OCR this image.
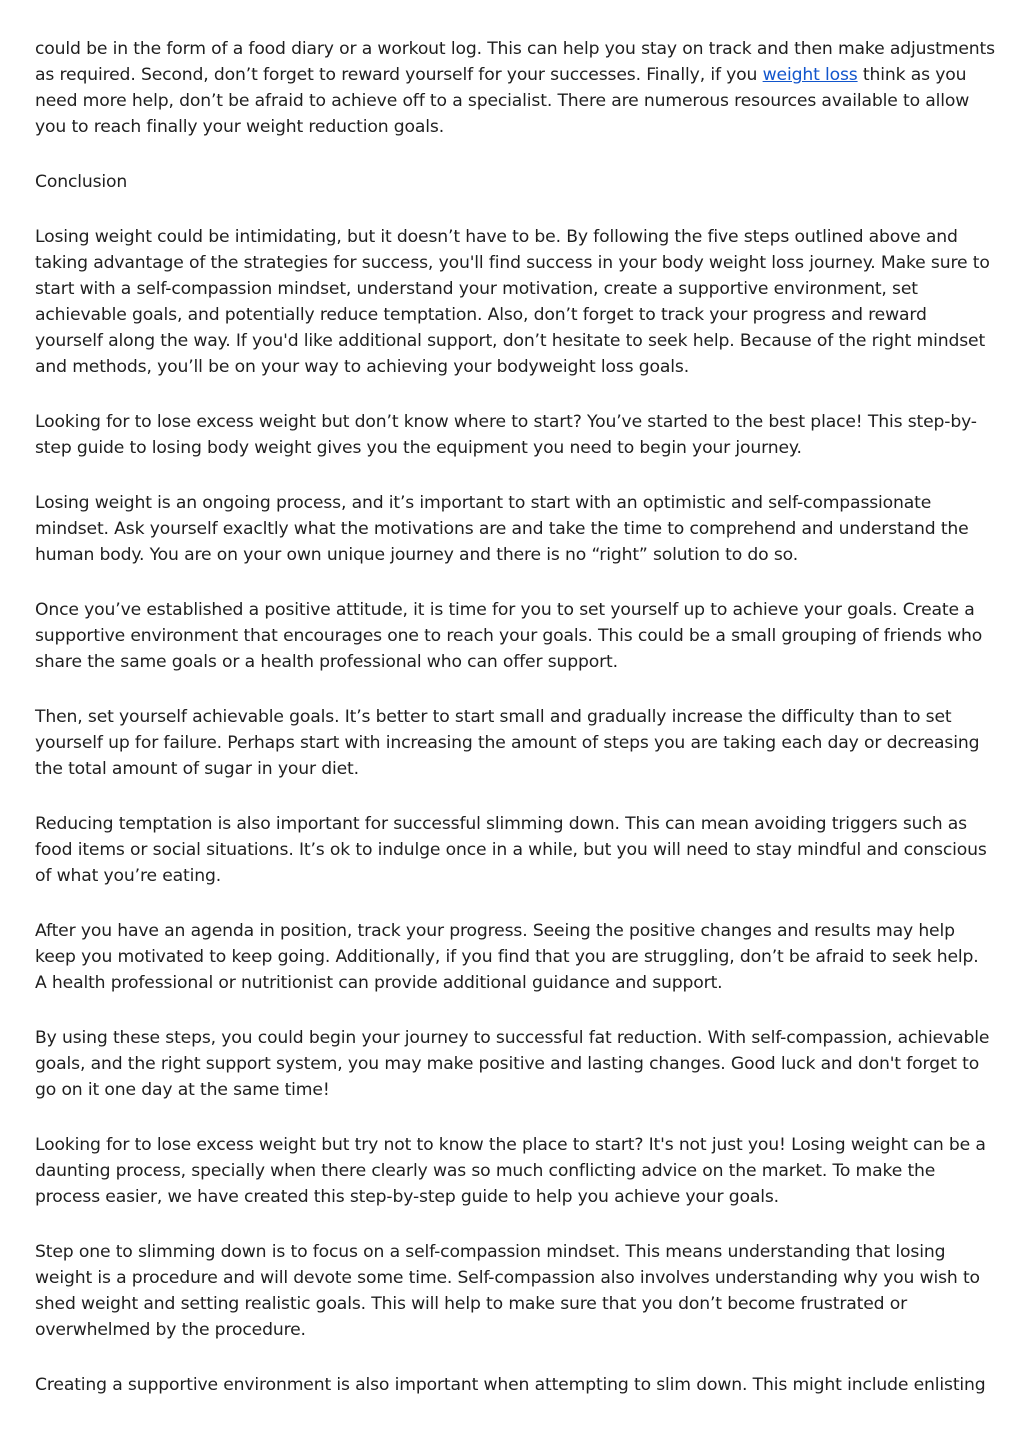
could be in the form of a food diary or a workout log. This can help you stay on track and then make adjustments as required. Second, don’t forget to reward yourself for your successes. Finally, if you weight loss think as you need more help, don’t be afraid to achieve off to a specialist. There are numerous resources available to allow you to reach finally your weight reduction goals.

Conclusion

Losing weight could be intimidating, but it doesn’t have to be. By following the five steps outlined above and taking advantage of the strategies for success, you'll find success in your body weight loss journey. Make sure to start with a self-compassion mindset, understand your motivation, create a supportive environment, set achievable goals, and potentially reduce temptation. Also, don’t forget to track your progress and reward yourself along the way. If you'd like additional support, don’t hesitate to seek help. Because of the right mindset and methods, you’ll be on your way to achieving your bodyweight loss goals.

Looking for to lose excess weight but don’t know where to start? You’ve started to the best place! This step-by-step guide to losing body weight gives you the equipment you need to begin your journey.

Losing weight is an ongoing process, and it’s important to start with an optimistic and self-compassionate mindset. Ask yourself exacltly what the motivations are and take the time to comprehend and understand the human body. You are on your own unique journey and there is no “right” solution to do so.

Once you’ve established a positive attitude, it is time for you to set yourself up to achieve your goals. Create a supportive environment that encourages one to reach your goals. This could be a small grouping of friends who share the same goals or a health professional who can offer support.

Then, set yourself achievable goals. It’s better to start small and gradually increase the difficulty than to set yourself up for failure. Perhaps start with increasing the amount of steps you are taking each day or decreasing the total amount of sugar in your diet.

Reducing temptation is also important for successful slimming down. This can mean avoiding triggers such as food items or social situations. It’s ok to indulge once in a while, but you will need to stay mindful and conscious of what you’re eating.

After you have an agenda in position, track your progress. Seeing the positive changes and results may help keep you motivated to keep going. Additionally, if you find that you are struggling, don’t be afraid to seek help. A health professional or nutritionist can provide additional guidance and support.

By using these steps, you could begin your journey to successful fat reduction. With self-compassion, achievable goals, and the right support system, you may make positive and lasting changes. Good luck and don't forget to go on it one day at the same time!

Looking for to lose excess weight but try not to know the place to start? It's not just you! Losing weight can be a daunting process, specially when there clearly was so much conflicting advice on the market. To make the process easier, we have created this step-by-step guide to help you achieve your goals.

Step one to slimming down is to focus on a self-compassion mindset. This means understanding that losing weight is a procedure and will devote some time. Self-compassion also involves understanding why you wish to shed weight and setting realistic goals. This will help to make sure that you don’t become frustrated or overwhelmed by the procedure.

Creating a supportive environment is also important when attempting to slim down. This might include enlisting
